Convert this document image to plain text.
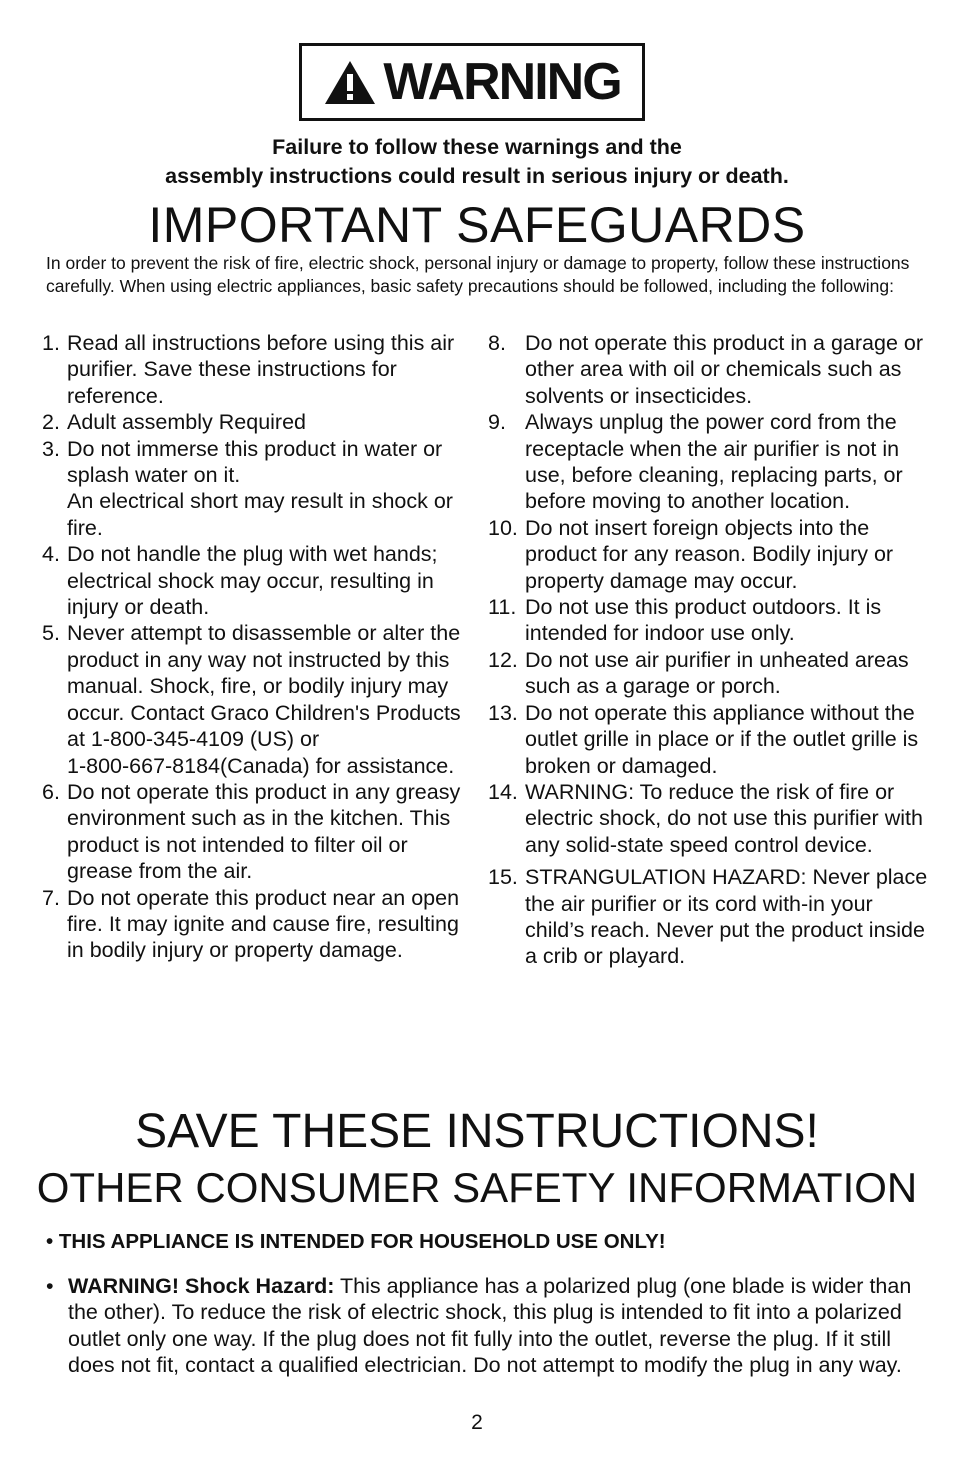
WARNING
Failure to follow these warnings and the
assembly instructions could result in serious injury or death.
IMPORTANT SAFEGUARDS
In order to prevent the risk of fire, electric shock, personal injury or damage to property, follow these instructions carefully. When using electric appliances, basic safety precautions should be followed, including the following:
1. Read all instructions before using this air purifier. Save these instructions for reference.
2. Adult assembly Required
3. Do not immerse this product in water or splash water on it.
An electrical short may result in shock or fire.
4. Do not handle the plug with wet hands; electrical shock may occur, resulting in injury or death.
5. Never attempt to disassemble or alter the product in any way not instructed by this manual. Shock, fire, or bodily injury may occur. Contact Graco Children's Products
at 1-800-345-4109 (US) or
1-800-667-8184(Canada) for assistance.
6. Do not operate this product in any greasy environment such as in the kitchen. This product is not intended to filter oil or grease from the air.
7. Do not operate this product near an open fire. It may ignite and cause fire, resulting in bodily injury or property damage.
8. Do not operate this product in a garage or other area with oil or chemicals such as solvents or insecticides.
9. Always unplug the power cord from the receptacle when the air purifier is not in use, before cleaning, replacing parts, or before moving to another location.
10. Do not insert foreign objects into the product for any reason. Bodily injury or property damage may occur.
11. Do not use this product outdoors. It is intended for indoor use only.
12. Do not use air purifier in unheated areas such as a garage or porch.
13. Do not operate this appliance without the outlet grille in place or if the outlet grille is broken or damaged.
14. WARNING: To reduce the risk of fire or electric shock, do not use this purifier with any solid-state speed control device.
15. STRANGULATION HAZARD: Never place the air purifier or its cord with-in your child’s reach. Never put the product inside a crib or playard.
SAVE THESE INSTRUCTIONS!
OTHER CONSUMER SAFETY INFORMATION
• THIS APPLIANCE IS INTENDED FOR HOUSEHOLD USE ONLY!
• WARNING! Shock Hazard: This appliance has a polarized plug (one blade is wider than the other). To reduce the risk of electric shock, this plug is intended to fit into a polarized outlet only one way. If the plug does not fit fully into the outlet, reverse the plug. If it still does not fit, contact a qualified electrician. Do not attempt to modify the plug in any way.
2
